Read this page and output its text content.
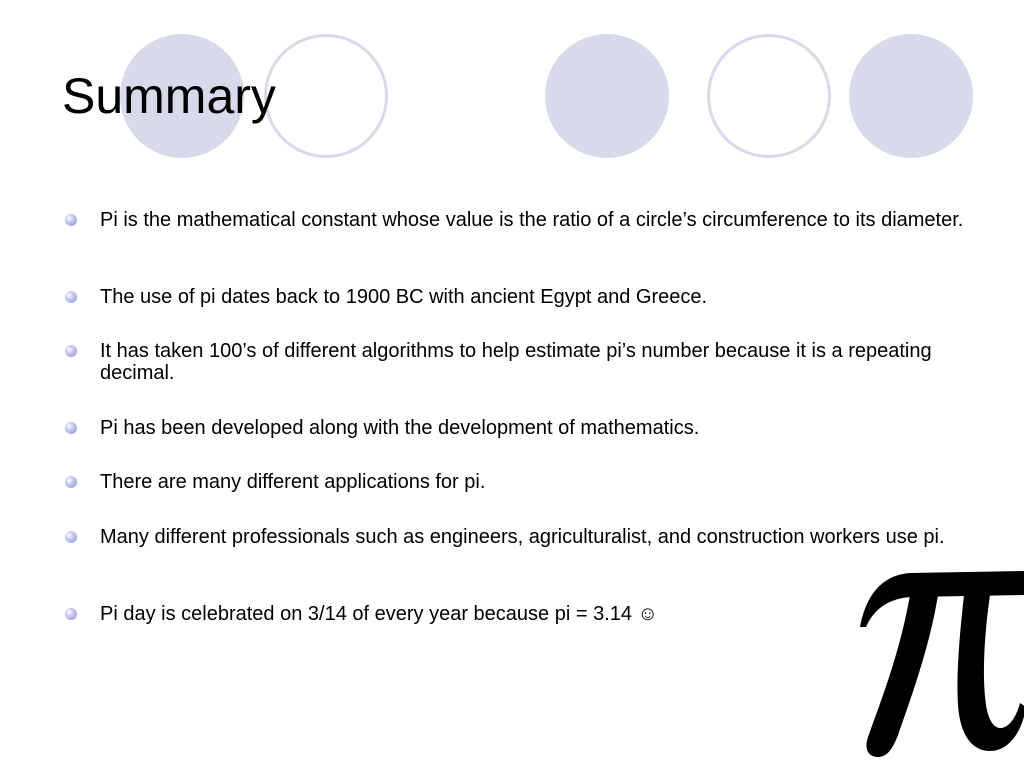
Summary
Pi is the mathematical constant whose value is the ratio of a circle’s circumference to its diameter.
The use of pi dates back to 1900 BC with ancient Egypt and Greece.
It has taken 100’s of different algorithms to help estimate pi’s number because it is a repeating decimal.
Pi has been developed along with the development of mathematics.
There are many different applications for pi.
Many different professionals such as engineers, agriculturalist, and construction workers use pi.
Pi day is celebrated on 3/14 of every year because pi = 3.14 ☺
